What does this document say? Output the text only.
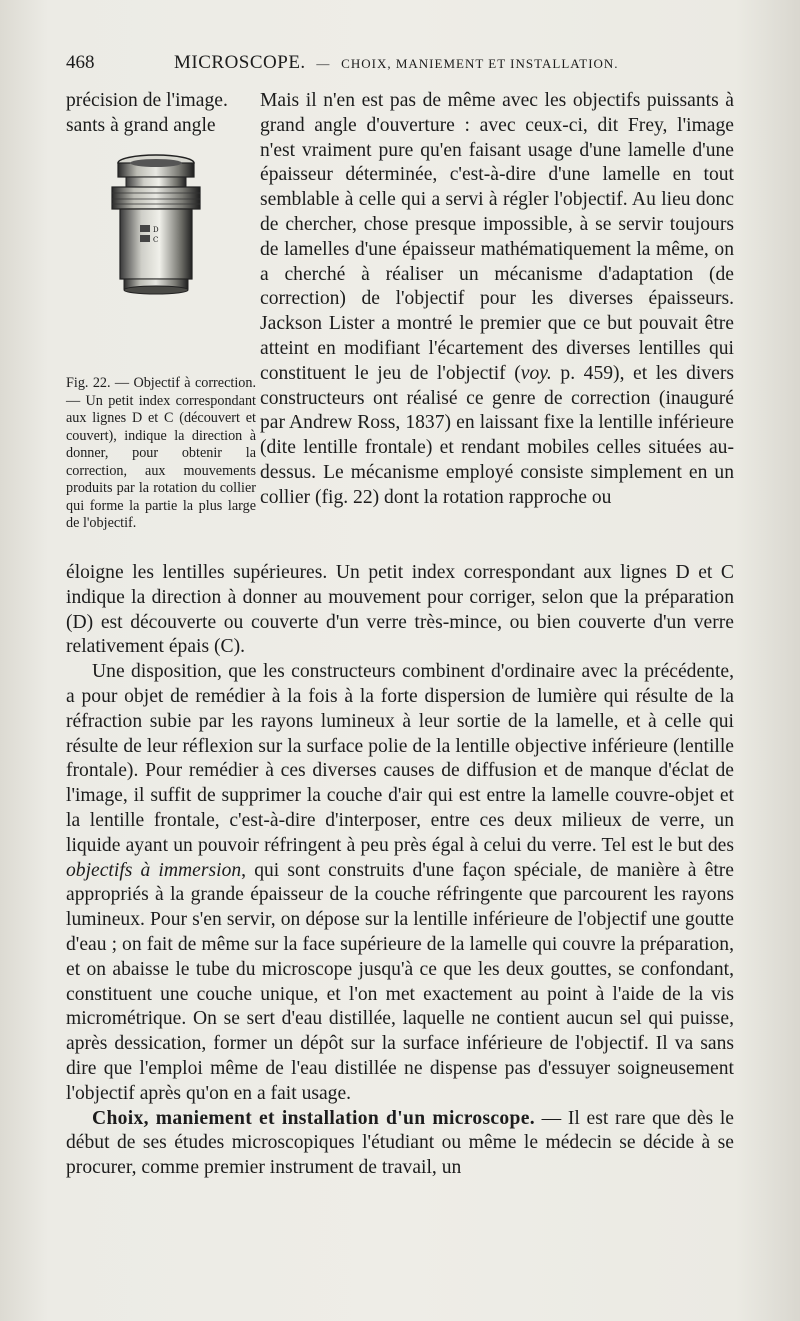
468	MICROSCOPE. — CHOIX, MANIEMENT ET INSTALLATION.
précision de l'image.
sants à grand angle
D
C
Fig. 22. — Objectif à correction. — Un petit index correspondant aux lignes D et C (découvert et couvert), indique la direction à donner, pour obtenir la correction, aux mouvements produits par la rotation du collier qui forme la partie la plus large de l'objectif.

Mais il n'en est pas de même avec les objectifs puissants à grand angle d'ouverture : avec ceux-ci, dit Frey, l'image n'est vraiment pure qu'en faisant usage d'une lamelle d'une épaisseur déterminée, c'est-à-dire d'une lamelle en tout semblable à celle qui a servi à régler l'objectif. Au lieu donc de chercher, chose presque impossible, à se servir toujours de lamelles d'une épaisseur mathématiquement la même, on a cherché à réaliser un mécanisme d'adaptation (de correction) de l'objectif pour les diverses épaisseurs. Jackson Lister a montré le premier que ce but pouvait être atteint en modifiant l'écartement des diverses lentilles qui constituent le jeu de l'objectif (voy. p. 459), et les divers constructeurs ont réalisé ce genre de correction (inauguré par Andrew Ross, 1837) en laissant fixe la lentille inférieure (dite lentille frontale) et rendant mobiles celles situées au-dessus. Le mécanisme employé consiste simplement en un collier (fig. 22) dont la rotation rapproche ou

éloigne les lentilles supérieures. Un petit index correspondant aux lignes D et C indique la direction à donner au mouvement pour corriger, selon que la préparation (D) est découverte ou couverte d'un verre très-mince, ou bien couverte d'un verre relativement épais (C).

Une disposition, que les constructeurs combinent d'ordinaire avec la précédente, a pour objet de remédier à la fois à la forte dispersion de lumière qui résulte de la réfraction subie par les rayons lumineux à leur sortie de la lamelle, et à celle qui résulte de leur réflexion sur la surface polie de la lentille objective inférieure (lentille frontale). Pour remédier à ces diverses causes de diffusion et de manque d'éclat de l'image, il suffit de supprimer la couche d'air qui est entre la lamelle couvre-objet et la lentille frontale, c'est-à-dire d'interposer, entre ces deux milieux de verre, un liquide ayant un pouvoir réfringent à peu près égal à celui du verre. Tel est le but des objectifs à immersion, qui sont construits d'une façon spéciale, de manière à être appropriés à la grande épaisseur de la couche réfringente que parcourent les rayons lumineux. Pour s'en servir, on dépose sur la lentille inférieure de l'objectif une goutte d'eau ; on fait de même sur la face supérieure de la lamelle qui couvre la préparation, et on abaisse le tube du microscope jusqu'à ce que les deux gouttes, se confondant, constituent une couche unique, et l'on met exactement au point à l'aide de la vis micrométrique. On se sert d'eau distillée, laquelle ne contient aucun sel qui puisse, après dessication, former un dépôt sur la surface inférieure de l'objectif. Il va sans dire que l'emploi même de l'eau distillée ne dispense pas d'essuyer soigneusement l'objectif après qu'on en a fait usage.

Choix, maniement et installation d'un microscope. — Il est rare que dès le début de ses études microscopiques l'étudiant ou même le médecin se décide à se procurer, comme premier instrument de travail, un
